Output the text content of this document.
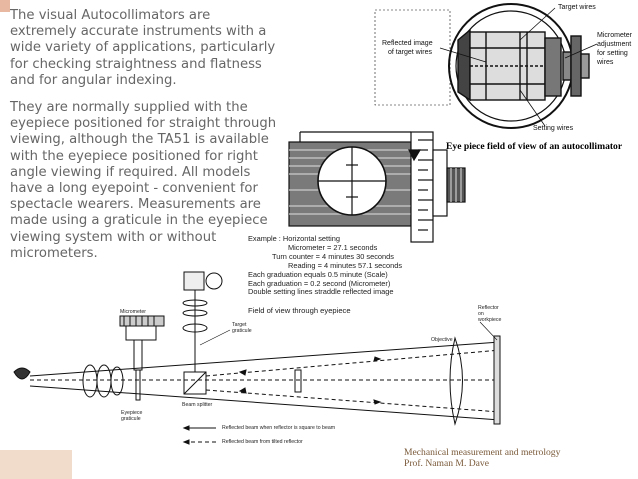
The visual Autocollimators are extremely accurate instruments with a wide variety of applications, particularly for checking straightness and flatness and for angular indexing.

They are normally supplied with the eyepiece positioned for straight through viewing, although the TA51 is available with the eyepiece positioned for right angle viewing if required. All models have a long eyepoint - convenient for spectacle wearers. Measurements are made using a graticule in the eyepiece viewing system with or without micrometers.

Target wires
Reflected image
of target wires
Micrometer
adjustment
for setting
wires
Setting wires
Eye piece field of view of an autocollimator
Example : Horizontal setting
Micrometer = 27.1 seconds
Turn counter = 4 minutes 30 seconds
Reading = 4 minutes 57.1 seconds
Each graduation equals 0.5 minute (Scale)
Each graduation = 0.2 second (Micrometer)
Double setting lines straddle reflected image
Field of view through eyepiece
Micrometer
Target
graticule
Reflector
on
workpiece
Objective
Eyepiece
graticule
Beam splitter
Reflected beam when reflector is square to beam
Reflected beam from tilted reflector
Mechanical measurement and metrology
Prof. Naman M. Dave
